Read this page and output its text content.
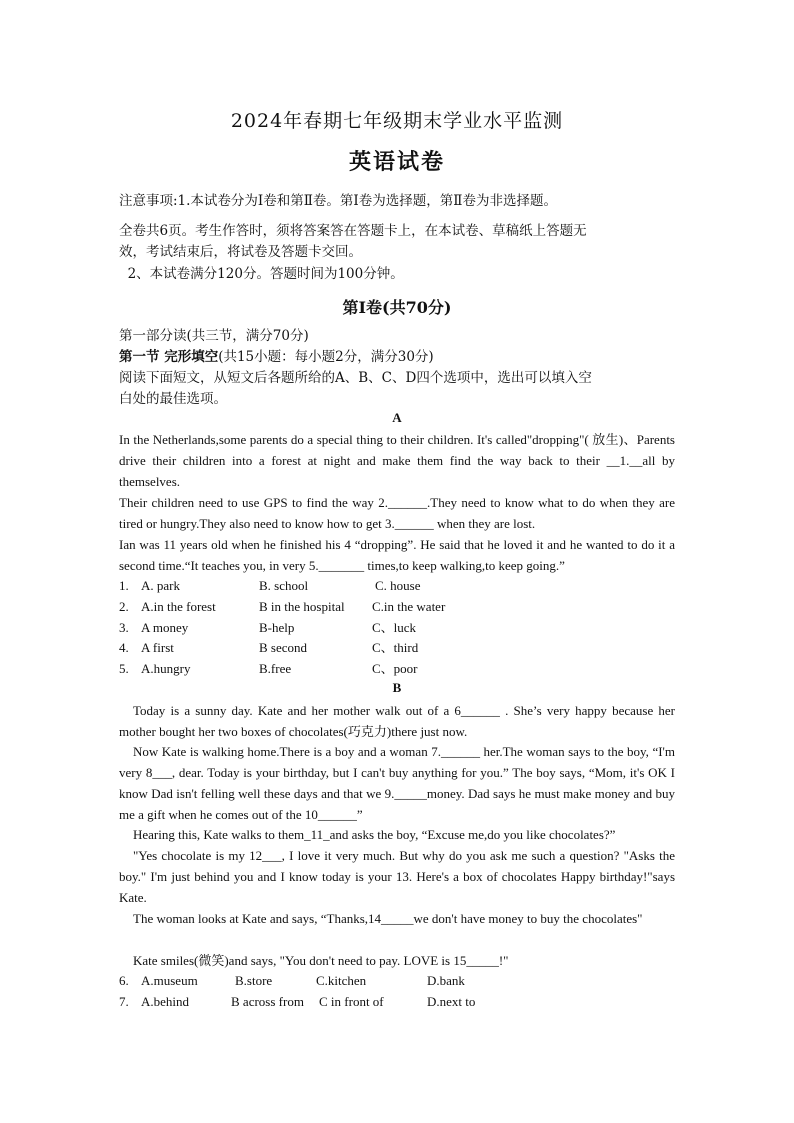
2024年春期七年级期末学业水平监测
英语试卷
注意事项:1.本试卷分为Ⅰ卷和第Ⅱ卷。第Ⅰ卷为选择题，第Ⅱ卷为非选择题。
全卷共6页。考生作答时，须将答案答在答题卡上，在本试卷、草稿纸上答题无
效，考试结束后，将试卷及答题卡交回。
2、本试卷满分120分。答题时间为100分钟。
第Ⅰ卷(共70分)
第一部分读(共三节，满分70分)
第一节 完形填空(共15小题：每小题2分，满分30分)
阅读下面短文，从短文后各题所给的A、B、C、D四个选项中，选出可以填入空
白处的最佳选项。
A
In the Netherlands,some parents do a special thing to their children. It's called"dropping"( 放生)、Parents drive their children into a forest at night and make them find the way back to their __1.__all by themselves.
Their children need to use GPS to find the way 2.______.They need to know what to do when they are tired or hungry.They also need to know how to get 3.______ when they are lost.
Ian was 11 years old when he finished his 4 “dropping”. He said that he loved it and he wanted to do it a second time.“It teaches you, in very 5._______ times,to keep walking,to keep going.”
1. A. park	B. school	C. house
2. A.in the forest	B in the hospital C.in the water
3. A money	B-help	C、luck
4. A first	B second	C、third
5. A.hungry	B.free	C、poor
B
Today is a sunny day. Kate and her mother walk out of a 6______ . She’s very happy because her mother bought her two boxes of chocolates(巧克力)there just now.
Now Kate is walking home.There is a boy and a woman 7.______ her.The woman says to the boy, “I'm very 8___, dear. Today is your birthday, but I can't buy anything for you.” The boy says, “Mom, it's OK I know Dad isn't felling well these days and that we 9._____money. Dad says he must make money and buy me a gift when he comes out of the 10______”
Hearing this, Kate walks to them_11_and asks the boy, “Excuse me,do you like chocolates?”
"Yes chocolate is my 12___, I love it very much. But why do you ask me such a question? "Asks the boy." I'm just behind you and I know today is your 13. Here's a box of chocolates Happy birthday!"says Kate.
The woman looks at Kate and says, “Thanks,14_____we don't have money to buy the chocolates"
Kate smiles(微笑)and says, "You don't need to pay. LOVE is 15_____!"
6. A.museum	B.store	C.kitchen	D.bank
7. A.behind	B across from C in front of	D.next to
